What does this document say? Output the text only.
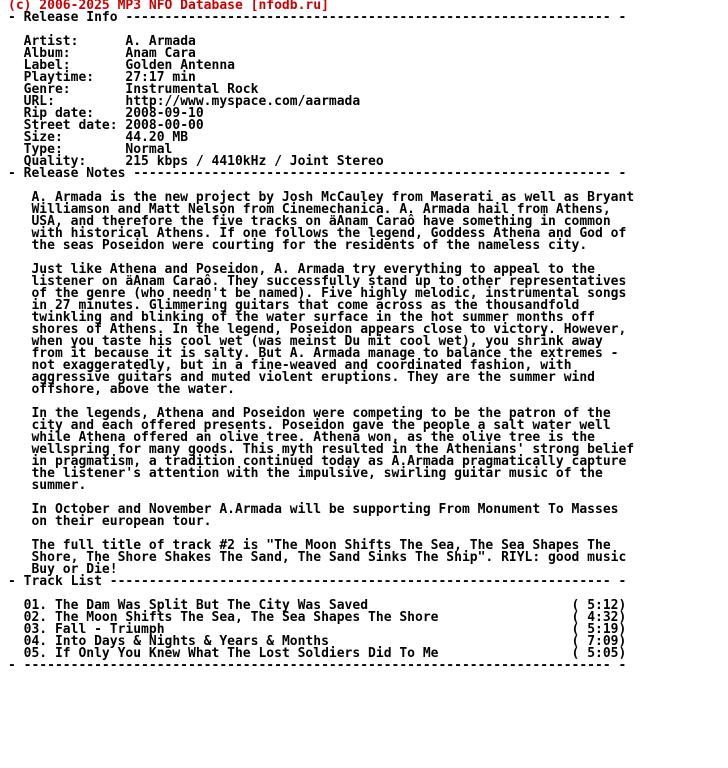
(c) 2006-2025 MP3 NFO Database [nfodb.ru]
- Release Info -------------------------------------------------------------- -

Artist:      A. Armada
Album:       Anam Cara
Label:       Golden Antenna
Playtime:    27:17 min
Genre:       Instrumental Rock
URL:         http://www.myspace.com/aarmada
Rip date:    2008-09-10
Street date: 2008-00-00
Size:        44.20 MB
Type:        Normal
Quality:     215 kbps / 4410kHz / Joint Stereo
- Release Notes ------------------------------------------------------------- -

A. Armada is the new project by Josh McCauley from Maserati as well as Bryant
Williamson and Matt Nelson from Cinemechanica. A. Armada hail from Athens,
USA, and therefore the five tracks on äAnam Caraô have something in common
with historical Athens. If one follows the legend, Goddess Athena and God of
the seas Poseidon were courting for the residents of the nameless city.

Just like Athena and Poseidon, A. Armada try everything to appeal to the
listener on äAnam Caraô. They successfully stand up to other representatives
of the genre (who needn't be named). Five highly melodic, instrumental songs
in 27 minutes. Glimmering guitars that come across as the thousandfold
twinkling and blinking of the water surface in the hot summer months off
shores of Athens. In the legend, Poseidon appears close to victory. However,
when you taste his cool wet (was meinst Du mit cool wet), you shrink away
from it because it is salty. But A. Armada manage to balance the extremes -
not exaggeratedly, but in a fine-weaved and coordinated fashion, with
aggressive guitars and muted violent eruptions. They are the summer wind
offshore, above the water.

In the legends, Athena and Poseidon were competing to be the patron of the
city and each offered presents. Poseidon gave the people a salt water well
while Athena offered an olive tree. Athena won, as the olive tree is the
wellspring for many goods. This myth resulted in the Athenians' strong belief
in pragmatism, a tradition continued today as A.Armada pragmatically capture
the listener's attention with the impulsive, swirling guitar music of the
summer.

In October and November A.Armada will be supporting From Monument To Masses
on their european tour.

The full title of track #2 is "The Moon Shifts The Sea, The Sea Shapes The
Shore, The Shore Shakes The Sand, The Sand Sinks The Ship". RIYL: good music
Buy or Die!
- Track List ---------------------------------------------------------------- -

01. The Dam Was Split But The City Was Saved	( 5:12)
02. The Moon Shifts The Sea, The Sea Shapes The Shore	( 4:32)
03. Fall - Triumph	( 5:19)
04. Into Days & Nights & Years & Months	( 7:09)
05. If Only You Knew What The Lost Soldiers Did To Me	( 5:05)
- --------------------------------------------------------------------------- -
